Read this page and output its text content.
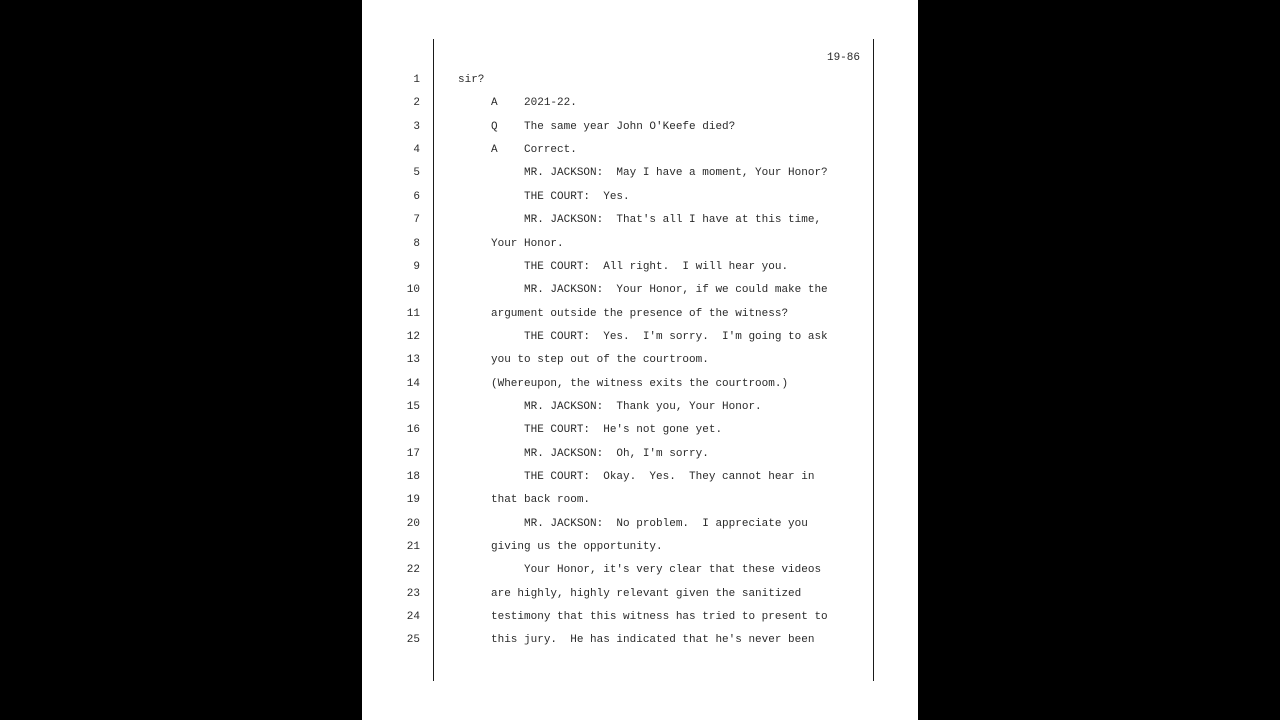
19-86
1	sir?
2	A    2021-22.
3	Q    The same year John O'Keefe died?
4	A    Correct.
5	MR. JACKSON:  May I have a moment, Your Honor?
6	THE COURT:  Yes.
7	MR. JACKSON:  That's all I have at this time,
8	Your Honor.
9	THE COURT:  All right.  I will hear you.
10	MR. JACKSON:  Your Honor, if we could make the
11	argument outside the presence of the witness?
12	THE COURT:  Yes.  I'm sorry.  I'm going to ask
13	you to step out of the courtroom.
14	(Whereupon, the witness exits the courtroom.)
15	MR. JACKSON:  Thank you, Your Honor.
16	THE COURT:  He's not gone yet.
17	MR. JACKSON:  Oh, I'm sorry.
18	THE COURT:  Okay.  Yes.  They cannot hear in
19	that back room.
20	MR. JACKSON:  No problem.  I appreciate you
21	giving us the opportunity.
22	Your Honor, it's very clear that these videos
23	are highly, highly relevant given the sanitized
24	testimony that this witness has tried to present to
25	this jury.  He has indicated that he's never been
